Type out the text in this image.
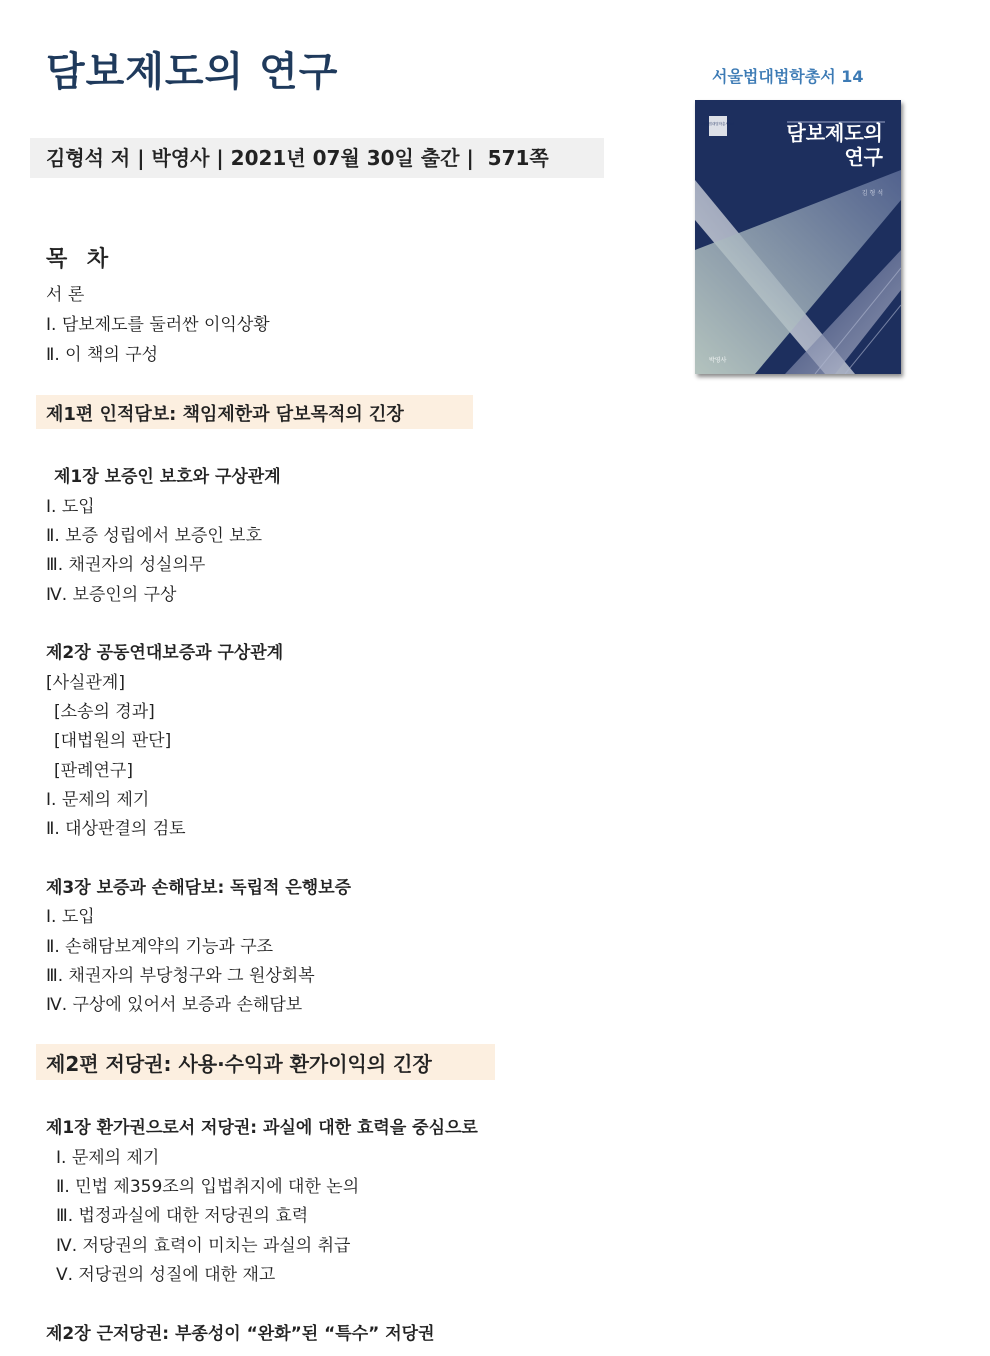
담보제도의 연구	서울법대법학총서 14
김형석 저 | 박영사 | 2021년 07월 30일 출간 |  571쪽
서울법대법학총서 14	담보제도의
연구
김 형 석
박영사
목 차
서 론
Ⅰ. 담보제도를 둘러싼 이익상황
Ⅱ. 이 책의 구성
제1편 인적담보: 책임제한과 담보목적의 긴장
제1장 보증인 보호와 구상관계
Ⅰ. 도입
Ⅱ. 보증 성립에서 보증인 보호
Ⅲ. 채권자의 성실의무
Ⅳ. 보증인의 구상
제2장 공동연대보증과 구상관계
[사실관계]
[소송의 경과]
[대법원의 판단]
[판례연구]
Ⅰ. 문제의 제기
Ⅱ. 대상판결의 검토
제3장 보증과 손해담보: 독립적 은행보증
Ⅰ. 도입
Ⅱ. 손해담보계약의 기능과 구조
Ⅲ. 채권자의 부당청구와 그 원상회복
Ⅳ. 구상에 있어서 보증과 손해담보
제2편 저당권: 사용·수익과 환가이익의 긴장
제1장 환가권으로서 저당권: 과실에 대한 효력을 중심으로
Ⅰ. 문제의 제기
Ⅱ. 민법 제359조의 입법취지에 대한 논의
Ⅲ. 법정과실에 대한 저당권의 효력
Ⅳ. 저당권의 효력이 미치는 과실의 취급
Ⅴ. 저당권의 성질에 대한 재고
제2장 근저당권: 부종성이 “완화”된 “특수” 저당권
